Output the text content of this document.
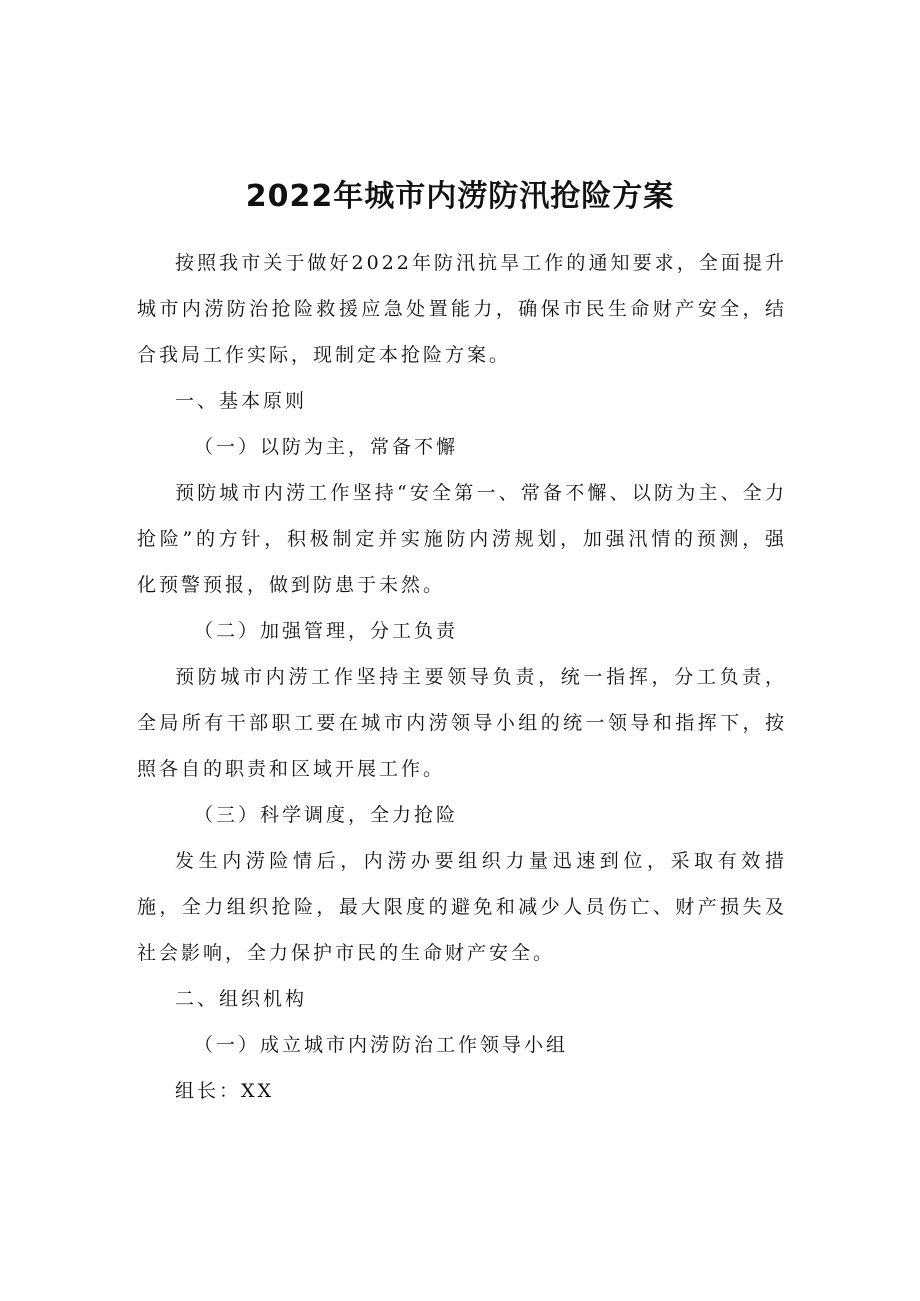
2022年城市内涝防汛抢险方案

按照我市关于做好2022年防汛抗旱工作的通知要求，全面提升城市内涝防治抢险救援应急处置能力，确保市民生命财产安全，结合我局工作实际，现制定本抢险方案。

一、基本原则

（一）以防为主，常备不懈

预防城市内涝工作坚持“安全第一、常备不懈、以防为主、全力抢险”的方针，积极制定并实施防内涝规划，加强汛情的预测，强化预警预报，做到防患于未然。

（二）加强管理，分工负责

预防城市内涝工作坚持主要领导负责，统一指挥，分工负责，全局所有干部职工要在城市内涝领导小组的统一领导和指挥下，按照各自的职责和区域开展工作。

（三）科学调度，全力抢险

发生内涝险情后，内涝办要组织力量迅速到位，采取有效措施，全力组织抢险，最大限度的避免和减少人员伤亡、财产损失及社会影响，全力保护市民的生命财产安全。

二、组织机构

（一）成立城市内涝防治工作领导小组

组长：XX
